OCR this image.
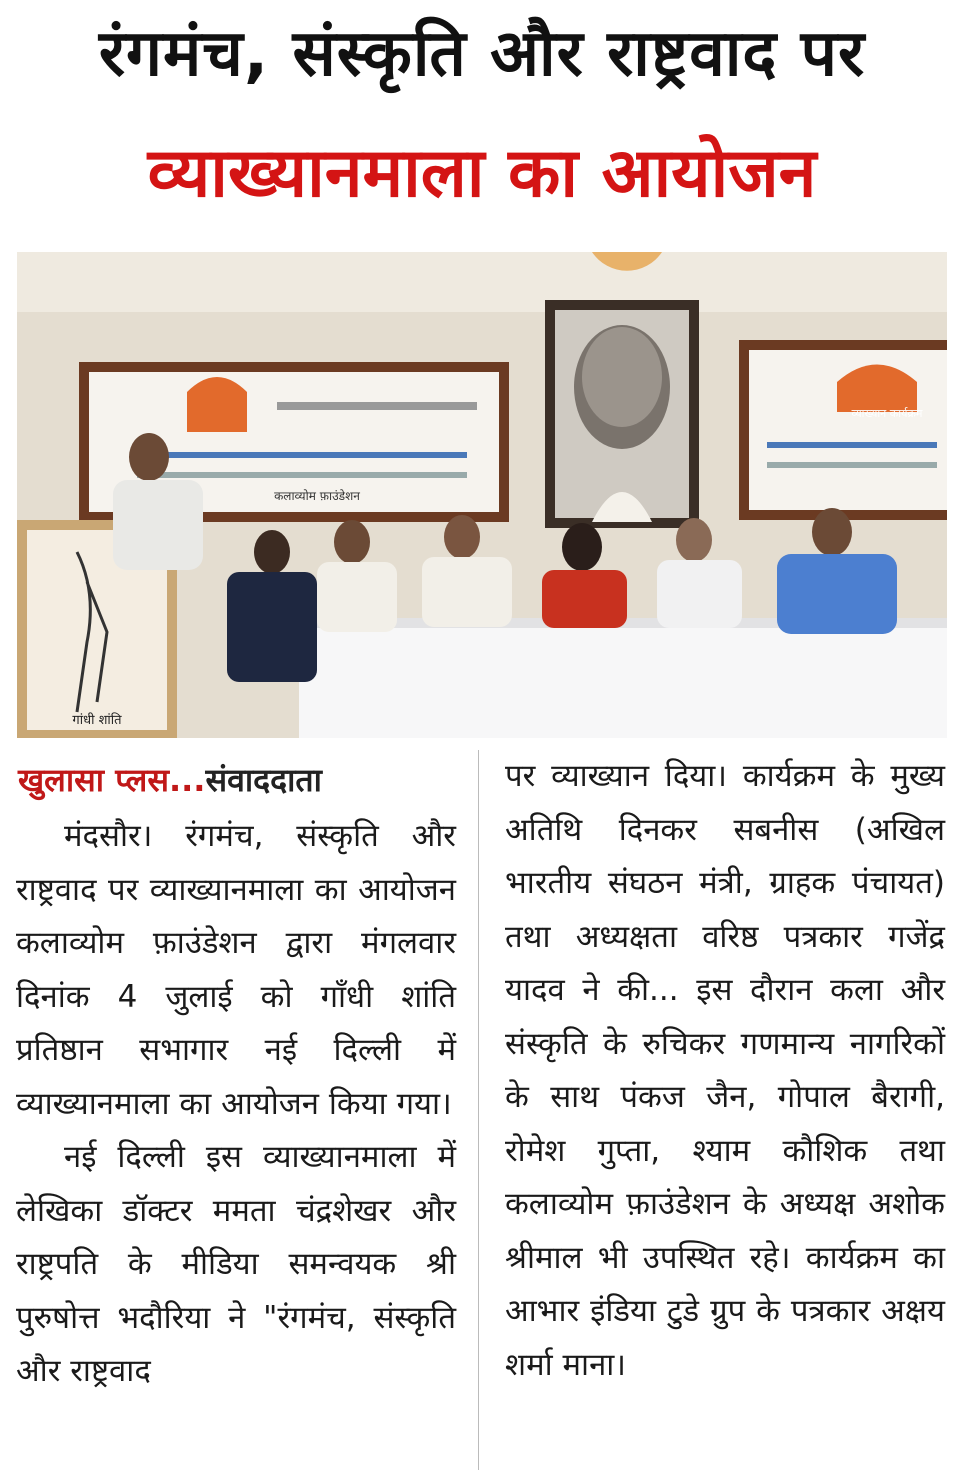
रंगमंच, संस्कृति और राष्ट्रवाद पर
व्याख्यानमाला का आयोजन
कलाव्योम फ़ाउंडेशन
व्याख्यान कार्यक्रम
गांधी शांति
खुलासा प्लस...संवाददाता

मंदसौर। रंगमंच, संस्कृति और राष्ट्रवाद पर व्याख्यानमाला का आयोजन कलाव्योम फ़ाउंडेशन द्वारा मंगलवार दिनांक 4 जुलाई को गाँधी शांति प्रतिष्ठान सभागार नई दिल्ली में व्याख्यानमाला का आयोजन किया गया।

नई दिल्ली इस व्याख्यानमाला में लेखिका डॉक्टर ममता चंद्रशेखर और राष्ट्रपति के मीडिया समन्वयक श्री पुरुषोत्त भदौरिया ने "रंगमंच, संस्कृति और राष्ट्रवाद

पर व्याख्यान दिया। कार्यक्रम के मुख्य अतिथि दिनकर सबनीस (अखिल भारतीय संघठन मंत्री, ग्राहक पंचायत) तथा अध्यक्षता वरिष्ठ पत्रकार गजेंद्र यादव ने की... इस दौरान कला और संस्कृति के रुचिकर गणमान्य नागरिकों के साथ पंकज जैन, गोपाल बैरागी, रोमेश गुप्ता, श्याम कौशिक तथा कलाव्योम फ़ाउंडेशन के अध्यक्ष अशोक श्रीमाल भी उपस्थित रहे। कार्यक्रम का आभार इंडिया टुडे ग्रुप के पत्रकार अक्षय शर्मा माना।
